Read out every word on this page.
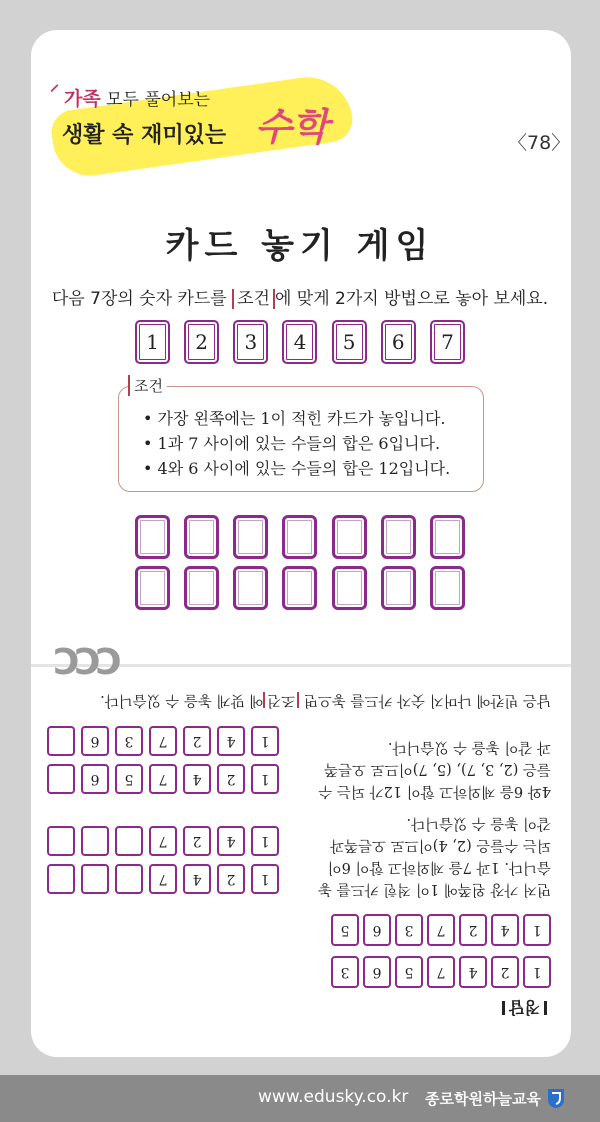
⸝
가족 모두 풀어보는
생활 속 재미있는 수학	〈78〉
카드 놓기 게임
다음 7장의 숫자 카드를 조건 에 맞게 2가지 방법으로 놓아 보세요.
1	2	3	4	5	6	7
조건
• 가장 왼쪽에는 1이 적힌 카드가 놓입니다.
• 1과 7 사이에 있는 수들의 합은 6입니다.
• 4와 6 사이에 있는 수들의 합은 12입니다.
ϽϽϽ
정답
1
2
4
7
5
6
3
1
4
2
7
3
6
5
먼저 가장 왼쪽에 1이 적힌 카드를 놓
습니다. 1과 7을 제외하고 합이 6이
되는 수들은 (2, 4)이므로 오른쪽과
같이 놓을 수 있습니다.
1
2
4
7
1
4
2
7
4와 6을 제외하고 합이 12가 되는 수
들은 (2, 3, 7), (5, 7)이므로 오른쪽
과 같이 놓을 수 있습니다.
1
2
4
7
5
6
1
4
2
7
3
6
남은 빈칸에 나머지 숫자 카드를 놓으면 조건에 맞게 놓을 수 있습니다.
www.edusky.co.kr 종로학원하늘교육
